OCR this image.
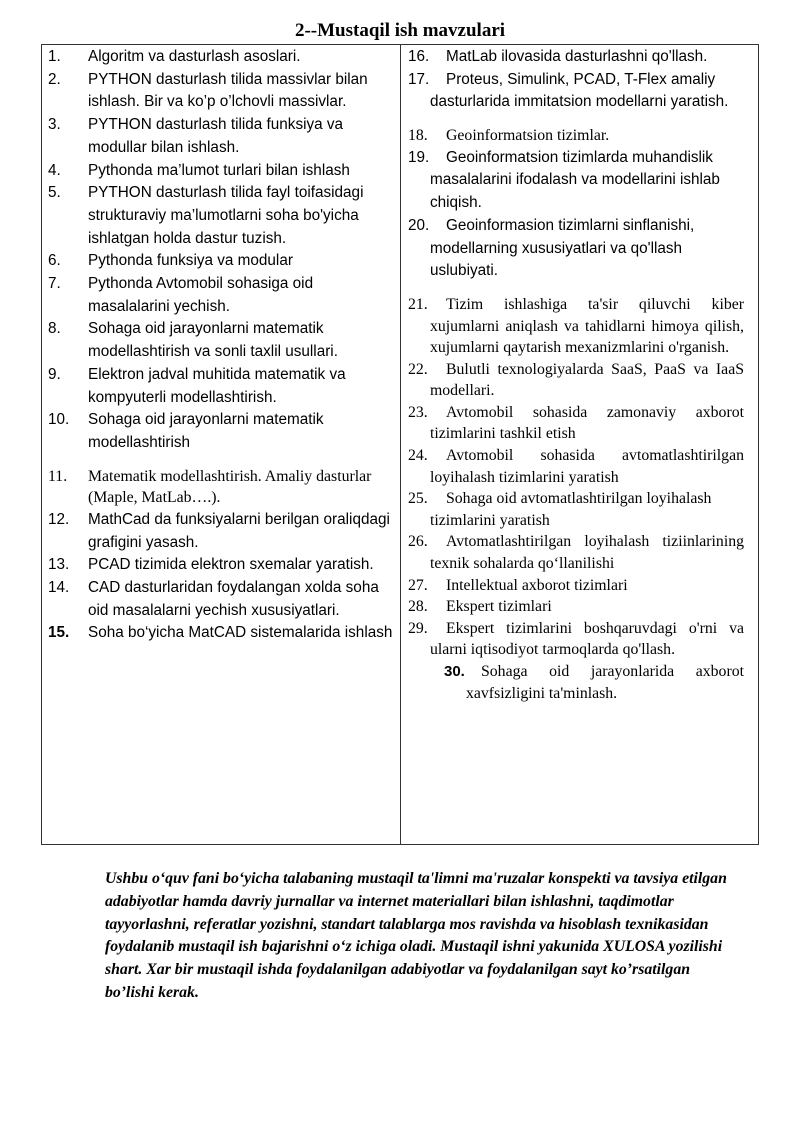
2--Mustaqil ish mavzulari
1. Algoritm va dasturlash asoslari.
2. PYTHON dasturlash tilida massivlar bilan ishlash. Bir va ko’p o’lchovli massivlar.
3. PYTHON dasturlash tilida funksiya va modullar bilan ishlash.
4. Pythonda ma’lumot turlari bilan ishlash
5. PYTHON dasturlash tilida fayl toifasidagi strukturaviy ma’lumotlarni soha bo'yicha ishlatgan holda dastur tuzish.
6. Pythonda funksiya va modular
7. Pythonda Avtomobil sohasiga oid masalalarini yechish.
8. Sohaga oid jarayonlarni matematik modellashtirish va sonli taxlil usullari.
9. Elektron jadval muhitida matematik va kompyuterli modellashtirish.
10. Sohaga oid jarayonlarni matematik modellashtirish
11. Matematik modellashtirish. Amaliy dasturlar (Maple, MatLab….).
12. MathCad da funksiyalarni berilgan oraliqdagi grafigini yasash.
13. PCAD tizimida elektron sxemalar yaratish.
14. CAD dasturlaridan foydalangan xolda soha oid masalalarni yechish xususiyatlari.
15. Soha bo‘yicha MatCAD sistemalarida ishlash
16. MatLab ilovasida dasturlashni qo'llash.
17. Proteus, Simulink, PCAD, T-Flex amaliy dasturlarida immitatsion modellarni yaratish.
18. Geoinformatsion tizimlar.
19. Geoinformatsion tizimlarda muhandislik masalalarini ifodalash va modellarini ishlab chiqish.
20. Geoinformasion tizimlarni sinflanishi, modellarning xususiyatlari va qo'llash uslubiyati.
21. Tizim ishlashiga ta'sir qiluvchi kiber xujumlarni aniqlash va tahidlarni himoya qilish, xujumlarni qaytarish mexanizmlarini o'rganish.
22. Bulutli texnologiyalarda SaaS, PaaS va IaaS modellari.
23. Avtomobil sohasida zamonaviy axborot tizimlarini tashkil etish
24. Avtomobil sohasida avtomatlashtirilgan loyihalash tizimlarini yaratish
25. Sohaga oid avtomatlashtirilgan loyihalash tizimlarini yaratish
26. Avtomatlashtirilgan loyihalash tiziinlarining texnik sohalarda qo‘llanilishi
27. Intellektual axborot tizimlari
28. Ekspert tizimlari
29. Ekspert tizimlarini boshqaruvdagi o'rni va ularni iqtisodiyot tarmoqlarda qo'llash.
30. Sohaga oid jarayonlarida axborot xavfsizligini ta'minlash.
Ushbu o‘quv fani bo‘yicha talabaning mustaqil ta'limni ma'ruzalar konspekti va tavsiya etilgan adabiyotlar hamda davriy jurnallar va internet materiallari bilan ishlashni, taqdimotlar tayyorlashni, referatlar yozishni, standart talablarga mos ravishda va hisoblash texnikasidan foydalanib mustaqil ish bajarishni o‘z ichiga oladi. Mustaqil ishni yakunida XULOSA yozilishi shart. Xar bir mustaqil ishda foydalanilgan adabiyotlar va foydalanilgan sayt ko’rsatilgan bo’lishi kerak.
